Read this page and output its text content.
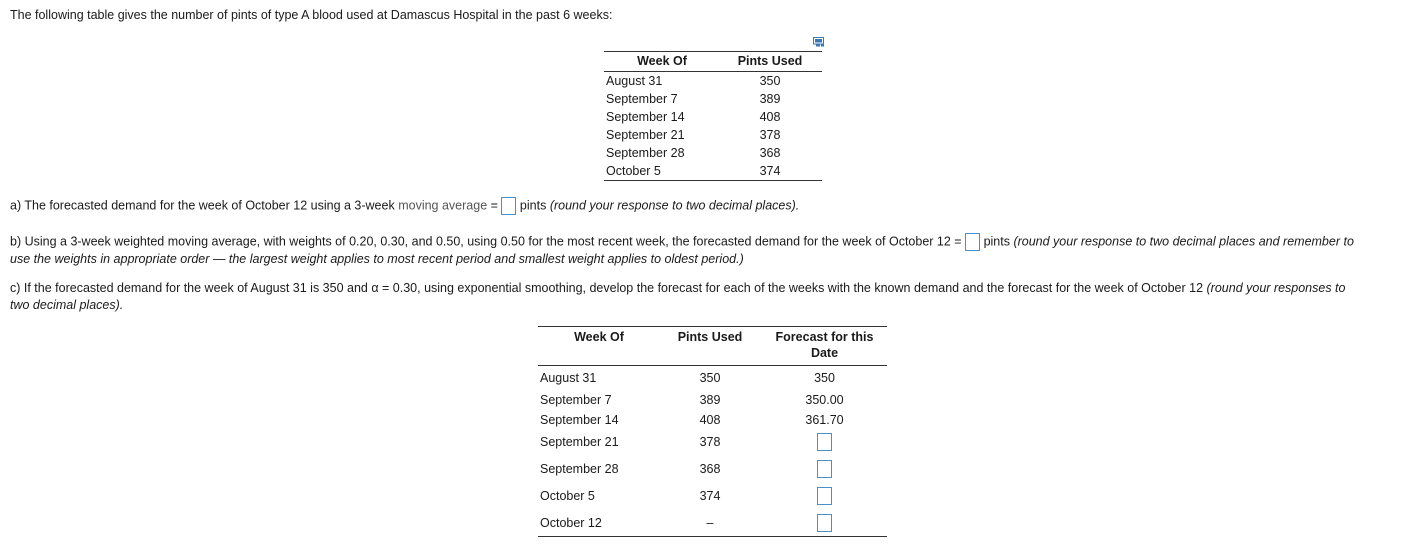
The following table gives the number of pints of type A blood used at Damascus Hospital in the past 6 weeks:
Week Of	Pints Used
August 31	350
September 7	389
September 14	408
September 21	378
September 28	368
October 5	374
a) The forecasted demand for the week of October 12 using a 3-week moving average = pints (round your response to two decimal places).
b) Using a 3-week weighted moving average, with weights of 0.20, 0.30, and 0.50, using 0.50 for the most recent week, the forecasted demand for the week of October 12 = pints (round your response to two decimal places and remember to
use the weights in appropriate order — the largest weight applies to most recent period and smallest weight applies to oldest period.)
c) If the forecasted demand for the week of August 31 is 350 and α = 0.30, using exponential smoothing, develop the forecast for each of the weeks with the known demand and the forecast for the week of October 12 (round your responses to
two decimal places).
Week Of	Pints Used	Forecast for this
Date

August 31	350	350
September 7	389	350.00
September 14	408	361.70
September 21	378	
September 28	368	
October 5	374	
October 12	–	
